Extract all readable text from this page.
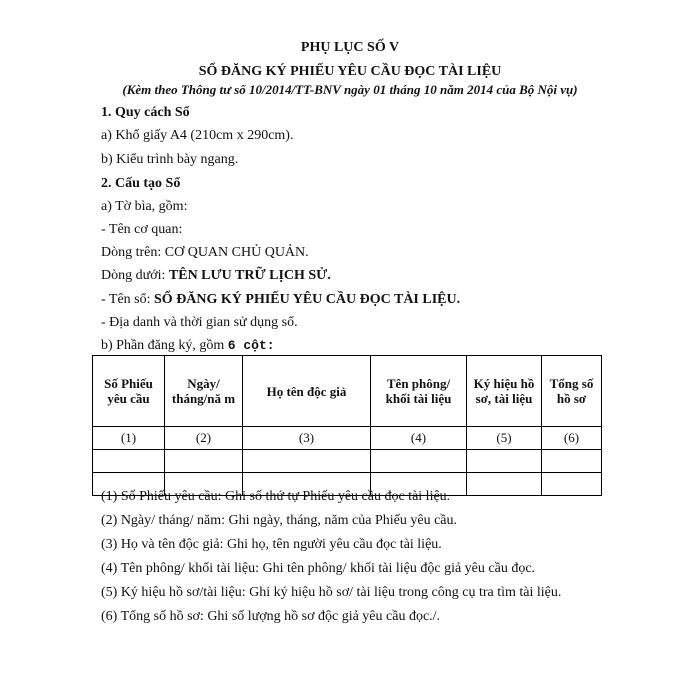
PHỤ LỤC SỐ V
SỔ ĐĂNG KÝ PHIẾU YÊU CẦU ĐỌC TÀI LIỆU
(Kèm theo Thông tư số 10/2014/TT-BNV ngày 01 tháng 10 năm 2014 của Bộ Nội vụ)
1. Quy cách Sổ
a) Khổ giấy A4 (210cm x 290cm).
b) Kiểu trình bày ngang.
2. Cấu tạo Sổ
a) Tờ bìa, gồm:
- Tên cơ quan:
Dòng trên: CƠ QUAN CHỦ QUẢN.
Dòng dưới: TÊN LƯU TRỮ LỊCH SỬ.
- Tên sổ: SỔ ĐĂNG KÝ PHIẾU YÊU CẦU ĐỌC TÀI LIỆU.
- Địa danh và thời gian sử dụng sổ.
b) Phần đăng ký, gồm 6 cột:
Số Phiếu yêu cầu	Ngày/ tháng/nă m	Họ tên độc giả	Tên phông/ khối tài liệu	Ký hiệu hồ sơ, tài liệu	Tổng số hồ sơ
(1)	(2)	(3)	(4)	(5)	(6)

(1) Số Phiếu yêu cầu: Ghi số thứ tự Phiếu yêu cầu đọc tài liệu.
(2) Ngày/ tháng/ năm: Ghi ngày, tháng, năm của Phiếu yêu cầu.
(3) Họ và tên độc giả: Ghi họ, tên người yêu cầu đọc tài liệu.
(4) Tên phông/ khối tài liệu: Ghi tên phông/ khối tài liệu độc giả yêu cầu đọc.
(5) Ký hiệu hồ sơ/tài liệu: Ghi ký hiệu hồ sơ/ tài liệu trong công cụ tra tìm tài liệu.
(6) Tổng số hồ sơ: Ghi số lượng hồ sơ độc giả yêu cầu đọc./.
